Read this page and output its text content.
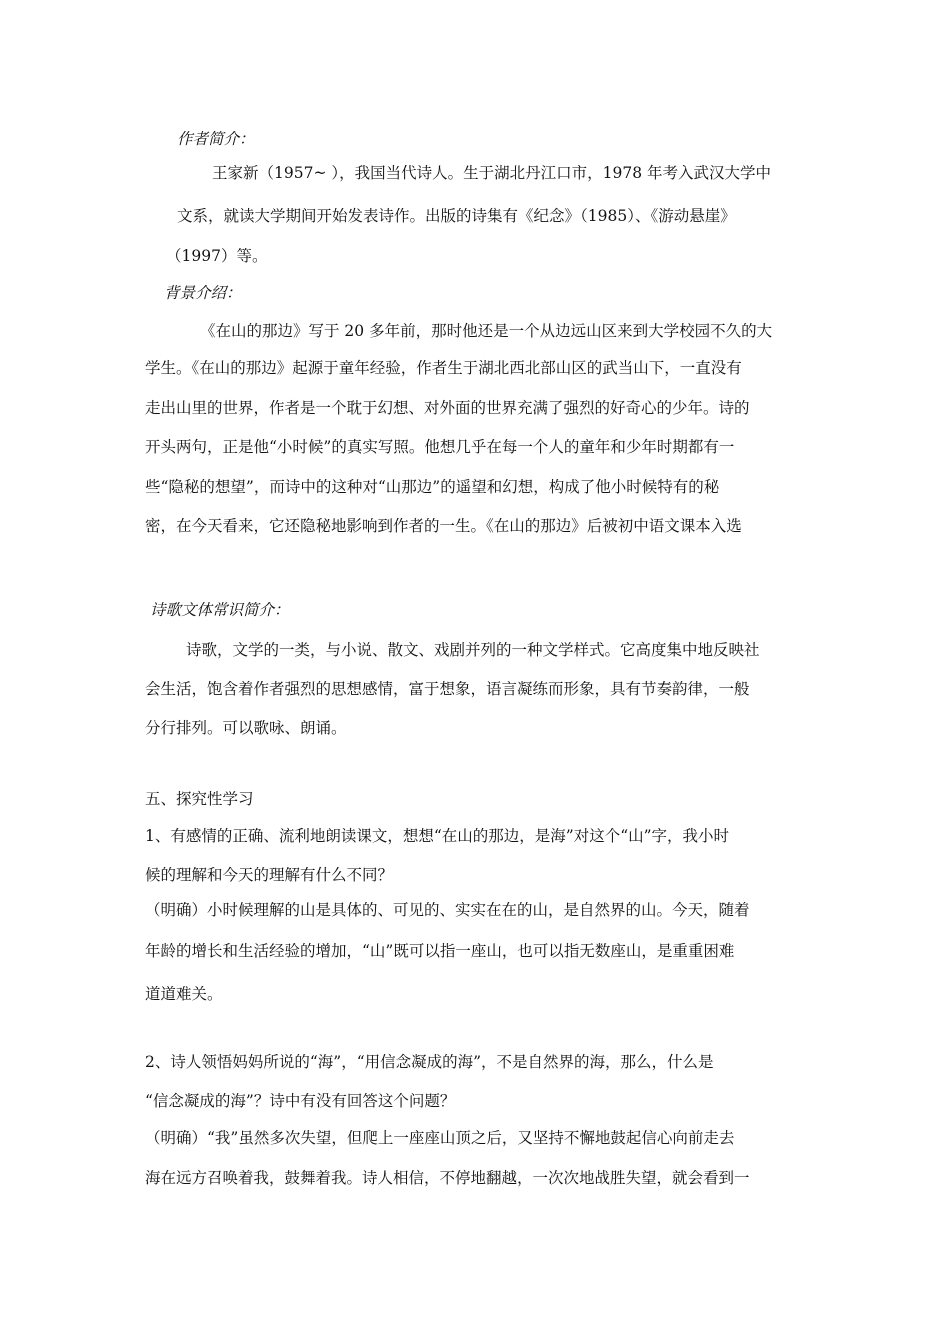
作者简介：
王家新（1957~ ），我国当代诗人。生于湖北丹江口市，1978 年考入武汉大学中
文系，就读大学期间开始发表诗作。出版的诗集有《纪念》（1985）、《游动悬崖》
（1997）等。
背景介绍：
《在山的那边》写于 20 多年前，那时他还是一个从边远山区来到大学校园不久的大
学生。《在山的那边》起源于童年经验，作者生于湖北西北部山区的武当山下，一直没有
走出山里的世界，作者是一个耽于幻想、对外面的世界充满了强烈的好奇心的少年。诗的
开头两句，正是他“小时候”的真实写照。他想几乎在每一个人的童年和少年时期都有一
些“隐秘的想望”，而诗中的这种对“山那边”的遥望和幻想，构成了他小时候特有的秘
密，在今天看来，它还隐秘地影响到作者的一生。《在山的那边》后被初中语文课本入选
诗歌文体常识简介：
诗歌，文学的一类，与小说、散文、戏剧并列的一种文学样式。它高度集中地反映社
会生活，饱含着作者强烈的思想感情，富于想象，语言凝练而形象，具有节奏韵律，一般
分行排列。可以歌咏、朗诵。
五、探究性学习
1、有感情的正确、流利地朗读课文，想想“在山的那边，是海”对这个“山”字，我小时
候的理解和今天的理解有什么不同？
（明确）小时候理解的山是具体的、可见的、实实在在的山，是自然界的山。今天，随着
年龄的增长和生活经验的增加，“山”既可以指一座山，也可以指无数座山，是重重困难
道道难关。
2、诗人领悟妈妈所说的“海”，“用信念凝成的海”，不是自然界的海，那么，什么是
“信念凝成的海”？诗中有没有回答这个问题？
（明确）“我”虽然多次失望，但爬上一座座山顶之后，又坚持不懈地鼓起信心向前走去
海在远方召唤着我，鼓舞着我。诗人相信，不停地翻越，一次次地战胜失望，就会看到一
